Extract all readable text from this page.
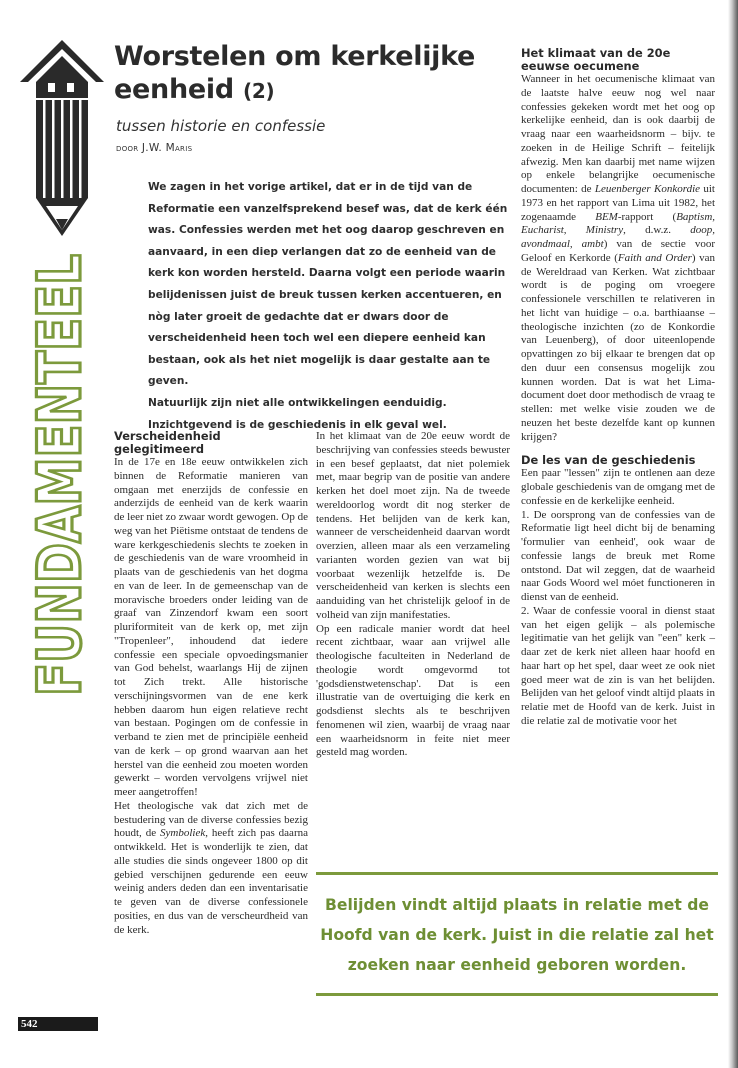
FUNDAMENTEEL
Worstelen om kerkelijke eenheid (2)
tussen historie en confessie
door J.W. Maris

We zagen in het vorige artikel, dat er in de tijd van de Reformatie een vanzelfsprekend besef was, dat de kerk één was. Confessies werden met het oog daarop geschreven en aanvaard, in een diep verlangen dat zo de eenheid van de kerk kon worden hersteld. Daarna volgt een periode waarin belijdenissen juist de breuk tussen kerken accentueren, en nòg later groeit de gedachte dat er dwars door de verscheidenheid heen toch wel een diepere eenheid kan bestaan, ook als het niet mogelijk is daar gestalte aan te geven.

Natuurlijk zijn niet alle ontwikkelingen eenduidig. Inzichtgevend is de geschiedenis in elk geval wel.

Verscheidenheid gelegitimeerd

In de 17e en 18e eeuw ontwikkelen zich binnen de Reformatie manieren van omgaan met enerzijds de confessie en anderzijds de eenheid van de kerk waarin de leer niet zo zwaar wordt gewogen. Op de weg van het Piëtisme ontstaat de tendens de ware kerkgeschiedenis slechts te zoeken in de geschiedenis van de ware vroomheid in plaats van de geschiedenis van het dogma en van de leer. In de gemeenschap van de moravische broeders onder leiding van de graaf van Zinzendorf kwam een soort pluriformiteit van de kerk op, met zijn "Tropenleer", inhoudend dat iedere confessie een speciale opvoedingsmanier van God behelst, waarlangs Hij de zijnen tot Zich trekt. Alle historische verschijningsvormen van de ene kerk hebben daarom hun eigen relatieve recht van bestaan. Pogingen om de confessie in verband te zien met de principiële eenheid van de kerk – op grond waarvan aan het herstel van die eenheid zou moeten worden gewerkt – worden vervolgens vrijwel niet meer aangetroffen!

Het theologische vak dat zich met de bestudering van de diverse confessies bezig houdt, de Symboliek, heeft zich pas daarna ontwikkeld. Het is wonderlijk te zien, dat alle studies die sinds ongeveer 1800 op dit gebied verschijnen gedurende een eeuw weinig anders deden dan een inventarisatie te geven van de diverse confessionele posities, en dus van de verscheurdheid van de kerk.

In het klimaat van de 20e eeuw wordt de beschrijving van confessies steeds bewuster in een besef geplaatst, dat niet polemiek met, maar begrip van de positie van andere kerken het doel moet zijn. Na de tweede wereldoorlog wordt dit nog sterker de tendens. Het belijden van de kerk kan, wanneer de verscheidenheid daarvan wordt overzien, alleen maar als een verzameling varianten worden gezien van wat bij voorbaat wezenlijk hetzelfde is. De verscheidenheid van kerken is slechts een aanduiding van het christelijk geloof in de volheid van zijn manifestaties.

Op een radicale manier wordt dat heel recent zichtbaar, waar aan vrijwel alle theologische faculteiten in Nederland de theologie wordt omgevormd tot 'godsdienstwetenschap'. Dat is een illustratie van de overtuiging die kerk en godsdienst slechts als te beschrijven fenomenen wil zien, waarbij de vraag naar een waarheidsnorm in feite niet meer gesteld mag worden.

Het klimaat van de 20e eeuwse oecumene

Wanneer in het oecumenische klimaat van de laatste halve eeuw nog wel naar confessies gekeken wordt met het oog op kerkelijke eenheid, dan is ook daarbij de vraag naar een waarheidsnorm – bijv. te zoeken in de Heilige Schrift – feitelijk afwezig. Men kan daarbij met name wijzen op enkele belangrijke oecumenische documenten: de Leuenberger Konkordie uit 1973 en het rapport van Lima uit 1982, het zogenaamde BEM-rapport (Baptism, Eucharist, Ministry, d.w.z. doop, avondmaal, ambt) van de sectie voor Geloof en Kerkorde (Faith and Order) van de Wereldraad van Kerken. Wat zichtbaar wordt is de poging om vroegere confessionele verschillen te relativeren in het licht van huidige – o.a. barthiaanse – theologische inzichten (zo de Konkordie van Leuenberg), of door uiteenlopende opvattingen zo bij elkaar te brengen dat op den duur een consensus mogelijk zou kunnen worden. Dat is wat het Lima-document doet door methodisch de vraag te stellen: met welke visie zouden we de neuzen het beste dezelfde kant op kunnen krijgen?

De les van de geschiedenis

Een paar "lessen" zijn te ontlenen aan deze globale geschiedenis van de omgang met de confessie en de kerkelijke eenheid.

1. De oorsprong van de confessies van de Reformatie ligt heel dicht bij de benaming 'formulier van eenheid', ook waar de confessie langs de breuk met Rome ontstond. Dat wil zeggen, dat de waarheid naar Gods Woord wel móet functioneren in dienst van de eenheid.

2. Waar de confessie vooral in dienst staat van het eigen gelijk – als polemische legitimatie van het gelijk van "een" kerk – daar zet de kerk niet alleen haar hoofd en haar hart op het spel, daar weet ze ook niet goed meer wat de zin is van het belijden. Belijden van het geloof vindt altijd plaats in relatie met de Hoofd van de kerk. Juist in die relatie zal de motivatie voor het

Belijden vindt altijd plaats in relatie met de
Hoofd van de kerk. Juist in die relatie zal het
zoeken naar eenheid geboren worden.
542
